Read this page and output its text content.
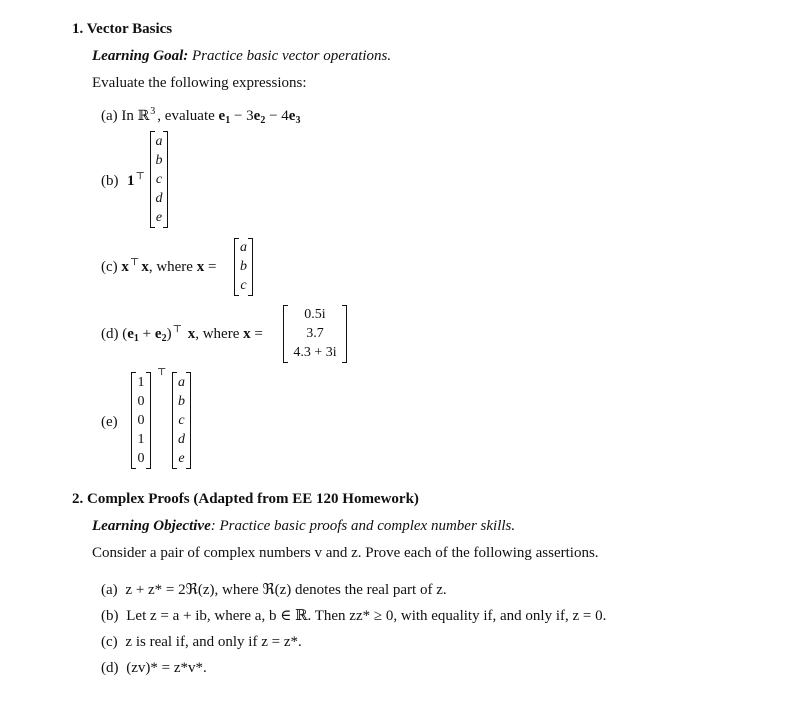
1. Vector Basics
Learning Goal: Practice basic vector operations.
Evaluate the following expressions:
(a) In ℝ3 , evaluate $e_1 - 3e_2 - 4e_3$
(b) 1⊤
a
b
c
d
e
(c) x⊤ x, where x =
a
b
c
(d) ($e_1$ + $e_2)⊤$ x, where x =
0.5i
3.7
4.3 + 3i
(e)
1
0
0
1
0
⊤
a
b
c
d
e
2. Complex Proofs (Adapted from EE 120 Homework)
Learning Objective: Practice basic proofs and complex number skills.
Consider a pair of complex numbers v and z. Prove each of the following assertions.
(a) z + z* = 2ℜ(z), where ℜ(z) denotes the real part of z.
(b) Let z = a + ib, where a, b ∈ ℝ. Then zz* ≥ 0, with equality if, and only if, z = 0.
(c) z is real if, and only if z = z*.
(d) (zv)* = z*v*.
